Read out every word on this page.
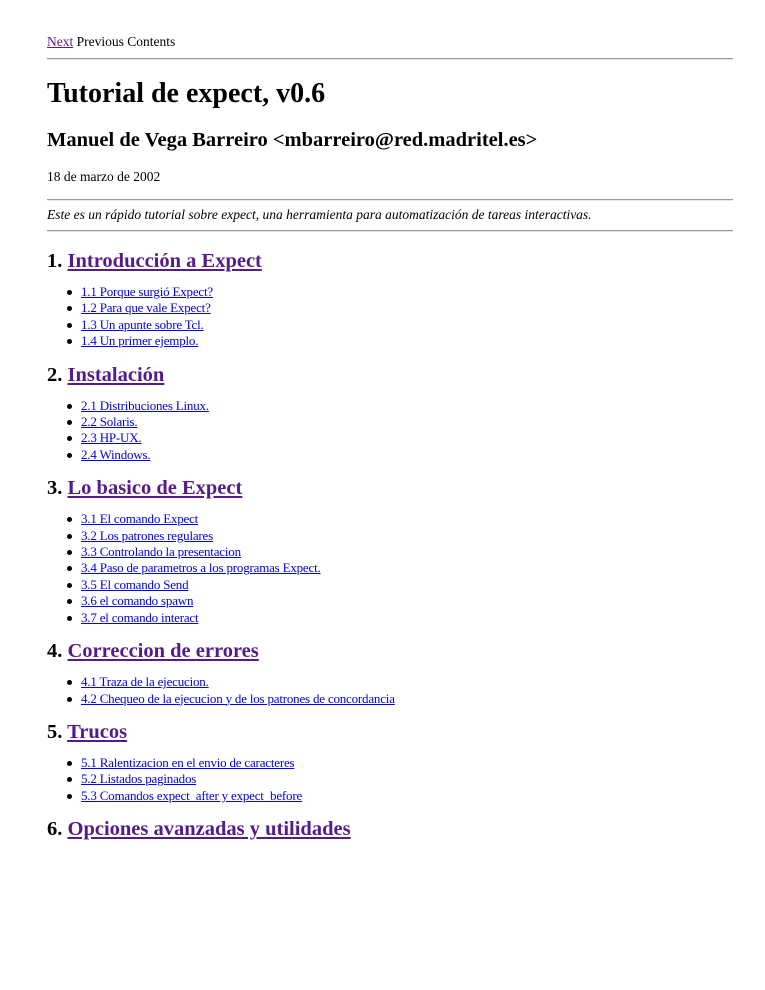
Next Previous Contents
Tutorial de expect, v0.6
Manuel de Vega Barreiro <mbarreiro@red.madritel.es>
18 de marzo de 2002
Este es un rápido tutorial sobre expect, una herramienta para automatización de tareas interactivas.
1. Introducción a Expect
1.1 Porque surgió Expect?
1.2 Para que vale Expect?
1.3 Un apunte sobre Tcl.
1.4 Un primer ejemplo.
2. Instalación
2.1 Distribuciones Linux.
2.2 Solaris.
2.3 HP-UX.
2.4 Windows.
3. Lo basico de Expect
3.1 El comando Expect
3.2 Los patrones regulares
3.3 Controlando la presentacion
3.4 Paso de parametros a los programas Expect.
3.5 El comando Send
3.6 el comando spawn
3.7 el comando interact
4. Correccion de errores
4.1 Traza de la ejecucion.
4.2 Chequeo de la ejecucion y de los patrones de concordancia
5. Trucos
5.1 Ralentizacion en el envio de caracteres
5.2 Listados paginados
5.3 Comandos expect_after y expect_before
6. Opciones avanzadas y utilidades
